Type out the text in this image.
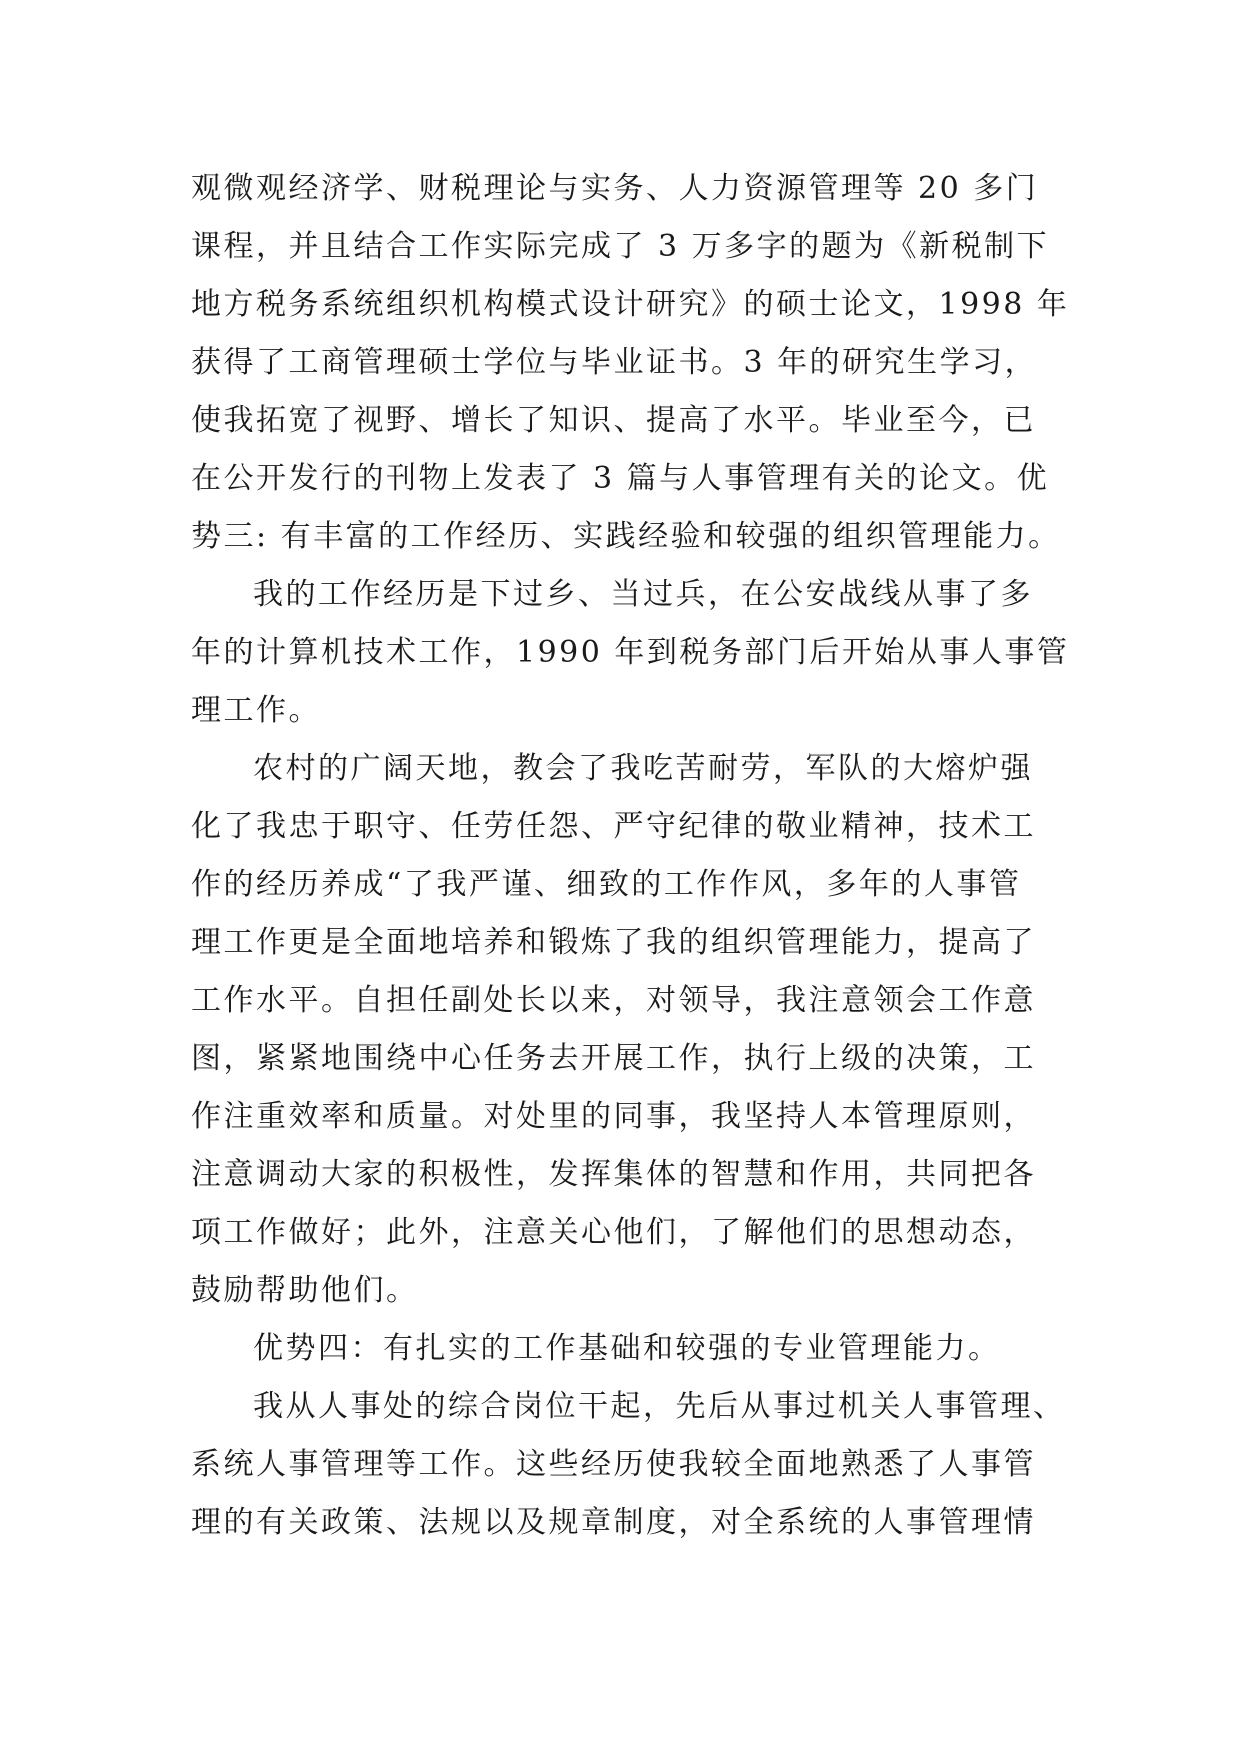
观微观经济学、财税理论与实务、人力资源管理等 20 多门
课程，并且结合工作实际完成了 3 万多字的题为《新税制下
地方税务系统组织机构模式设计研究》的硕士论文，1998 年
获得了工商管理硕士学位与毕业证书。3 年的研究生学习，
使我拓宽了视野、增长了知识、提高了水平。毕业至今，已
在公开发行的刊物上发表了 3 篇与人事管理有关的论文。优
势三: 有丰富的工作经历、实践经验和较强的组织管理能力。
我的工作经历是下过乡、当过兵，在公安战线从事了多
年的计算机技术工作，1990 年到税务部门后开始从事人事管
理工作。
农村的广阔天地，教会了我吃苦耐劳，军队的大熔炉强
化了我忠于职守、任劳任怨、严守纪律的敬业精神，技术工
作的经历养成“了我严谨、细致的工作作风，多年的人事管
理工作更是全面地培养和锻炼了我的组织管理能力，提高了
工作水平。自担任副处长以来，对领导，我注意领会工作意
图，紧紧地围绕中心任务去开展工作，执行上级的决策，工
作注重效率和质量。对处里的同事，我坚持人本管理原则，
注意调动大家的积极性，发挥集体的智慧和作用，共同把各
项工作做好；此外，注意关心他们，了解他们的思想动态，
鼓励帮助他们。
优势四：有扎实的工作基础和较强的专业管理能力。
我从人事处的综合岗位干起，先后从事过机关人事管理、
系统人事管理等工作。这些经历使我较全面地熟悉了人事管
理的有关政策、法规以及规章制度，对全系统的人事管理情
